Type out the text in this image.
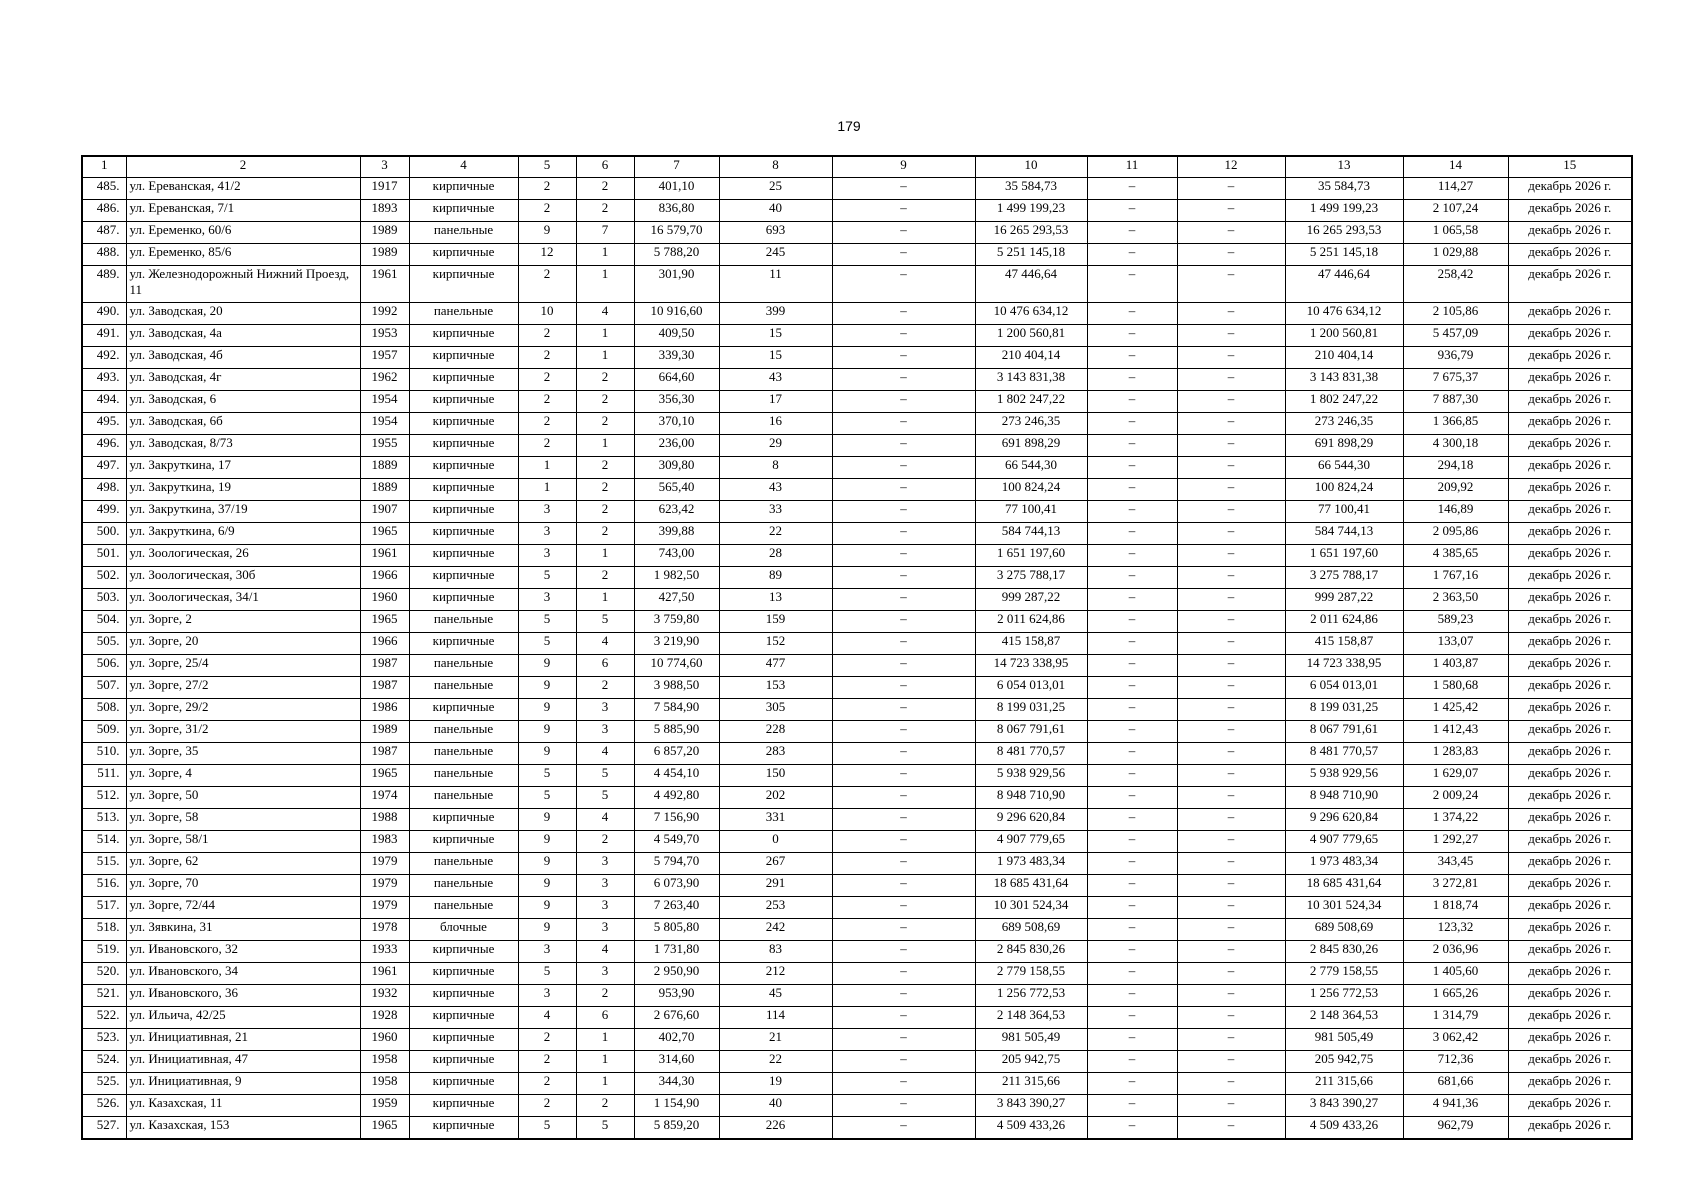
179
1	2	3	4	5	6	7	8	9	10	11	12	13	14	15
485.	ул. Ереванская, 41/2	1917	кирпичные	2	2	401,10	25	–	35 584,73	–	–	35 584,73	114,27	декабрь 2026 г.
486.	ул. Ереванская, 7/1	1893	кирпичные	2	2	836,80	40	–	1 499 199,23	–	–	1 499 199,23	2 107,24	декабрь 2026 г.
487.	ул. Еременко, 60/6	1989	панельные	9	7	16 579,70	693	–	16 265 293,53	–	–	16 265 293,53	1 065,58	декабрь 2026 г.
488.	ул. Еременко, 85/6	1989	кирпичные	12	1	5 788,20	245	–	5 251 145,18	–	–	5 251 145,18	1 029,88	декабрь 2026 г.
489.	ул. Железнодорожный Нижний Проезд, 11	1961	кирпичные	2	1	301,90	11	–	47 446,64	–	–	47 446,64	258,42	декабрь 2026 г.
490.	ул. Заводская, 20	1992	панельные	10	4	10 916,60	399	–	10 476 634,12	–	–	10 476 634,12	2 105,86	декабрь 2026 г.
491.	ул. Заводская, 4а	1953	кирпичные	2	1	409,50	15	–	1 200 560,81	–	–	1 200 560,81	5 457,09	декабрь 2026 г.
492.	ул. Заводская, 4б	1957	кирпичные	2	1	339,30	15	–	210 404,14	–	–	210 404,14	936,79	декабрь 2026 г.
493.	ул. Заводская, 4г	1962	кирпичные	2	2	664,60	43	–	3 143 831,38	–	–	3 143 831,38	7 675,37	декабрь 2026 г.
494.	ул. Заводская, 6	1954	кирпичные	2	2	356,30	17	–	1 802 247,22	–	–	1 802 247,22	7 887,30	декабрь 2026 г.
495.	ул. Заводская, 6б	1954	кирпичные	2	2	370,10	16	–	273 246,35	–	–	273 246,35	1 366,85	декабрь 2026 г.
496.	ул. Заводская, 8/73	1955	кирпичные	2	1	236,00	29	–	691 898,29	–	–	691 898,29	4 300,18	декабрь 2026 г.
497.	ул. Закруткина, 17	1889	кирпичные	1	2	309,80	8	–	66 544,30	–	–	66 544,30	294,18	декабрь 2026 г.
498.	ул. Закруткина, 19	1889	кирпичные	1	2	565,40	43	–	100 824,24	–	–	100 824,24	209,92	декабрь 2026 г.
499.	ул. Закруткина, 37/19	1907	кирпичные	3	2	623,42	33	–	77 100,41	–	–	77 100,41	146,89	декабрь 2026 г.
500.	ул. Закруткина, 6/9	1965	кирпичные	3	2	399,88	22	–	584 744,13	–	–	584 744,13	2 095,86	декабрь 2026 г.
501.	ул. Зоологическая, 26	1961	кирпичные	3	1	743,00	28	–	1 651 197,60	–	–	1 651 197,60	4 385,65	декабрь 2026 г.
502.	ул. Зоологическая, 30б	1966	кирпичные	5	2	1 982,50	89	–	3 275 788,17	–	–	3 275 788,17	1 767,16	декабрь 2026 г.
503.	ул. Зоологическая, 34/1	1960	кирпичные	3	1	427,50	13	–	999 287,22	–	–	999 287,22	2 363,50	декабрь 2026 г.
504.	ул. Зорге, 2	1965	панельные	5	5	3 759,80	159	–	2 011 624,86	–	–	2 011 624,86	589,23	декабрь 2026 г.
505.	ул. Зорге, 20	1966	кирпичные	5	4	3 219,90	152	–	415 158,87	–	–	415 158,87	133,07	декабрь 2026 г.
506.	ул. Зорге, 25/4	1987	панельные	9	6	10 774,60	477	–	14 723 338,95	–	–	14 723 338,95	1 403,87	декабрь 2026 г.
507.	ул. Зорге, 27/2	1987	панельные	9	2	3 988,50	153	–	6 054 013,01	–	–	6 054 013,01	1 580,68	декабрь 2026 г.
508.	ул. Зорге, 29/2	1986	кирпичные	9	3	7 584,90	305	–	8 199 031,25	–	–	8 199 031,25	1 425,42	декабрь 2026 г.
509.	ул. Зорге, 31/2	1989	панельные	9	3	5 885,90	228	–	8 067 791,61	–	–	8 067 791,61	1 412,43	декабрь 2026 г.
510.	ул. Зорге, 35	1987	панельные	9	4	6 857,20	283	–	8 481 770,57	–	–	8 481 770,57	1 283,83	декабрь 2026 г.
511.	ул. Зорге, 4	1965	панельные	5	5	4 454,10	150	–	5 938 929,56	–	–	5 938 929,56	1 629,07	декабрь 2026 г.
512.	ул. Зорге, 50	1974	панельные	5	5	4 492,80	202	–	8 948 710,90	–	–	8 948 710,90	2 009,24	декабрь 2026 г.
513.	ул. Зорге, 58	1988	кирпичные	9	4	7 156,90	331	–	9 296 620,84	–	–	9 296 620,84	1 374,22	декабрь 2026 г.
514.	ул. Зорге, 58/1	1983	кирпичные	9	2	4 549,70	0	–	4 907 779,65	–	–	4 907 779,65	1 292,27	декабрь 2026 г.
515.	ул. Зорге, 62	1979	панельные	9	3	5 794,70	267	–	1 973 483,34	–	–	1 973 483,34	343,45	декабрь 2026 г.
516.	ул. Зорге, 70	1979	панельные	9	3	6 073,90	291	–	18 685 431,64	–	–	18 685 431,64	3 272,81	декабрь 2026 г.
517.	ул. Зорге, 72/44	1979	панельные	9	3	7 263,40	253	–	10 301 524,34	–	–	10 301 524,34	1 818,74	декабрь 2026 г.
518.	ул. Зявкина, 31	1978	блочные	9	3	5 805,80	242	–	689 508,69	–	–	689 508,69	123,32	декабрь 2026 г.
519.	ул. Ивановского, 32	1933	кирпичные	3	4	1 731,80	83	–	2 845 830,26	–	–	2 845 830,26	2 036,96	декабрь 2026 г.
520.	ул. Ивановского, 34	1961	кирпичные	5	3	2 950,90	212	–	2 779 158,55	–	–	2 779 158,55	1 405,60	декабрь 2026 г.
521.	ул. Ивановского, 36	1932	кирпичные	3	2	953,90	45	–	1 256 772,53	–	–	1 256 772,53	1 665,26	декабрь 2026 г.
522.	ул. Ильича, 42/25	1928	кирпичные	4	6	2 676,60	114	–	2 148 364,53	–	–	2 148 364,53	1 314,79	декабрь 2026 г.
523.	ул. Инициативная, 21	1960	кирпичные	2	1	402,70	21	–	981 505,49	–	–	981 505,49	3 062,42	декабрь 2026 г.
524.	ул. Инициативная, 47	1958	кирпичные	2	1	314,60	22	–	205 942,75	–	–	205 942,75	712,36	декабрь 2026 г.
525.	ул. Инициативная, 9	1958	кирпичные	2	1	344,30	19	–	211 315,66	–	–	211 315,66	681,66	декабрь 2026 г.
526.	ул. Казахская, 11	1959	кирпичные	2	2	1 154,90	40	–	3 843 390,27	–	–	3 843 390,27	4 941,36	декабрь 2026 г.
527.	ул. Казахская, 153	1965	кирпичные	5	5	5 859,20	226	–	4 509 433,26	–	–	4 509 433,26	962,79	декабрь 2026 г.
